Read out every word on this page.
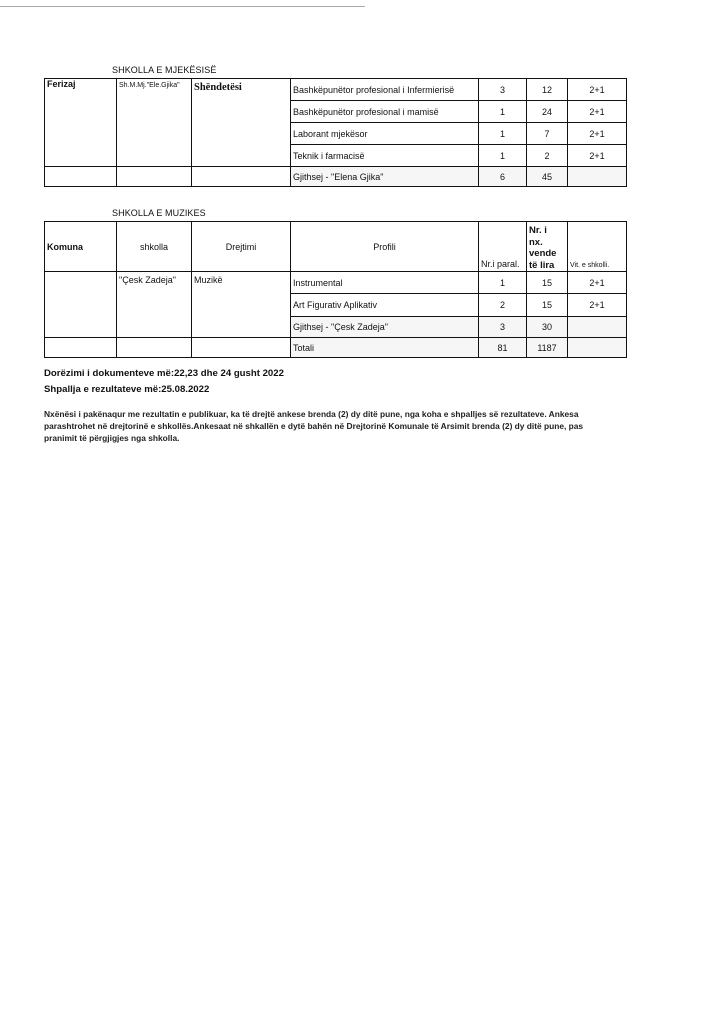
SHKOLLA E MJEKËSISË
Ferizaj	Sh.M.Mj."Ele.Gjika"	Shëndetësi	Bashkëpunëtor profesional i Infermierisë	3	12	2+1
			Bashkëpunëtor profesional i mamisë	1	24	2+1
			Laborant mjekësor	1	7	2+1
			Teknik i farmacisë	1	2	2+1
			Gjithsej - "Elena Gjika"	6	45	
SHKOLLA E MUZIKES
Komuna	shkolla	Drejtimi	Profili	Nr.i paral.	Nr. i
nx.
vende
të lira	Vit. e shkolli.
	"Çesk Zadeja"	Muzikë	Instrumental	1	15	2+1
			Art Figurativ Aplikativ	2	15	2+1
			Gjithsej - "Çesk Zadeja"	3	30	
			Totali	81	1187	
Dorëzimi i dokumenteve më:22,23 dhe 24 gusht 2022
Shpallja e rezultateve më:25.08.2022
Nxënësi i pakënaqur me rezultatin e publikuar, ka të drejtë ankese brenda (2) dy ditë pune, nga koha e shpalljes së rezultateve. Ankesa parashtrohet në drejtorinë e shkollës.Ankesaat në shkallën e dytë bahën në Drejtorinë Komunale të Arsimit brenda (2) dy ditë pune, pas pranimit të përgjigjes nga shkolla.
